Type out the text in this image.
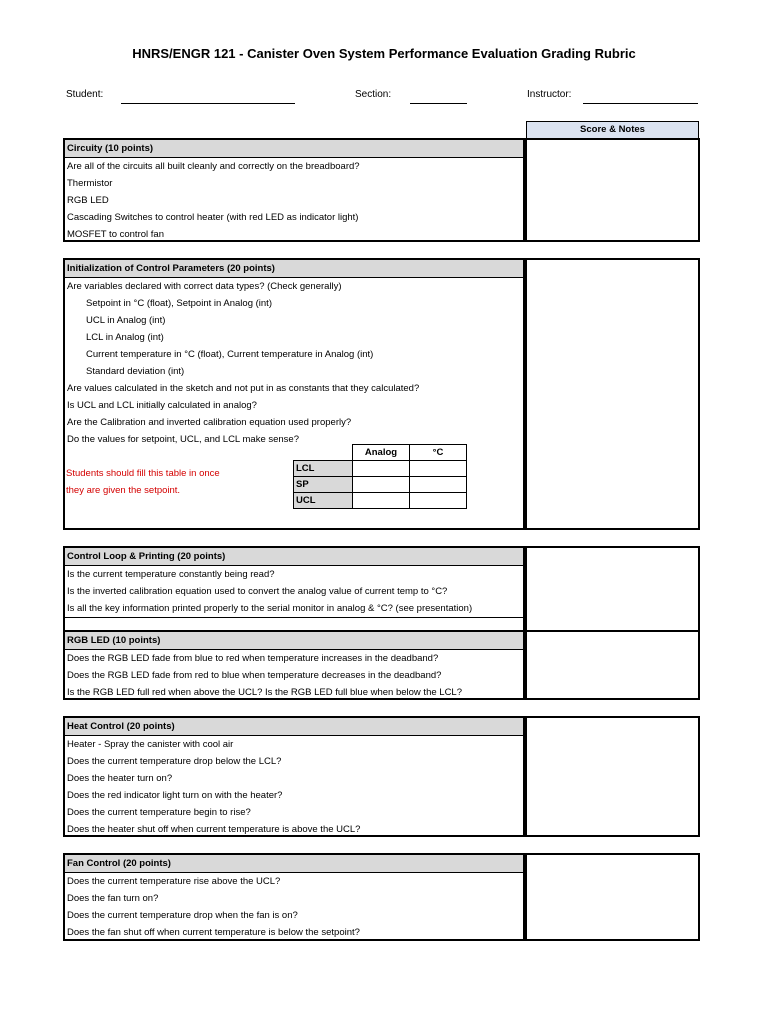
HNRS/ENGR 121 - Canister Oven System Performance Evaluation Grading Rubric
Student:	Section:	Instructor:
Score & Notes
Circuity (10 points)
Are all of the circuits all built cleanly and correctly on the breadboard?
Thermistor
RGB LED
Cascading Switches to control heater (with red LED as indicator light)
MOSFET to control fan
Initialization of Control Parameters (20 points)
Are variables declared with correct data types? (Check generally)
Setpoint in °C (float), Setpoint in Analog (int)
UCL in Analog (int)
LCL in Analog (int)
Current temperature in °C (float), Current temperature in Analog (int)
Standard deviation (int)
Are values calculated in the sketch and not put in as constants that they calculated?
Is UCL and LCL initially calculated in analog?
Are the Calibration and inverted calibration equation used properly?
Do the values for setpoint, UCL, and LCL make sense?
Students should fill this table in once
they are given the setpoint.
	Analog	°C
LCL		
SP		
UCL		
Control Loop & Printing (20 points)
Is the current temperature constantly being read?
Is the inverted calibration equation used to convert the analog value of current temp to °C?
Is all the key information printed properly to the serial monitor in analog & °C? (see presentation)
RGB LED (10 points)
Does the RGB LED fade from blue to red when temperature increases in the deadband?
Does the RGB LED fade from red to blue when temperature decreases in the deadband?
Is the RGB LED full red when above the UCL? Is the RGB LED full blue when below the LCL?
Heat Control (20 points)
Heater - Spray the canister with cool air
Does the current temperature drop below the LCL?
Does the heater turn on?
Does the red indicator light turn on with the heater?
Does the current temperature begin to rise?
Does the heater shut off when current temperature is above the UCL?
Fan Control (20 points)
Does the current temperature rise above the UCL?
Does the fan turn on?
Does the current temperature drop when the fan is on?
Does the fan shut off when current temperature is below the setpoint?
